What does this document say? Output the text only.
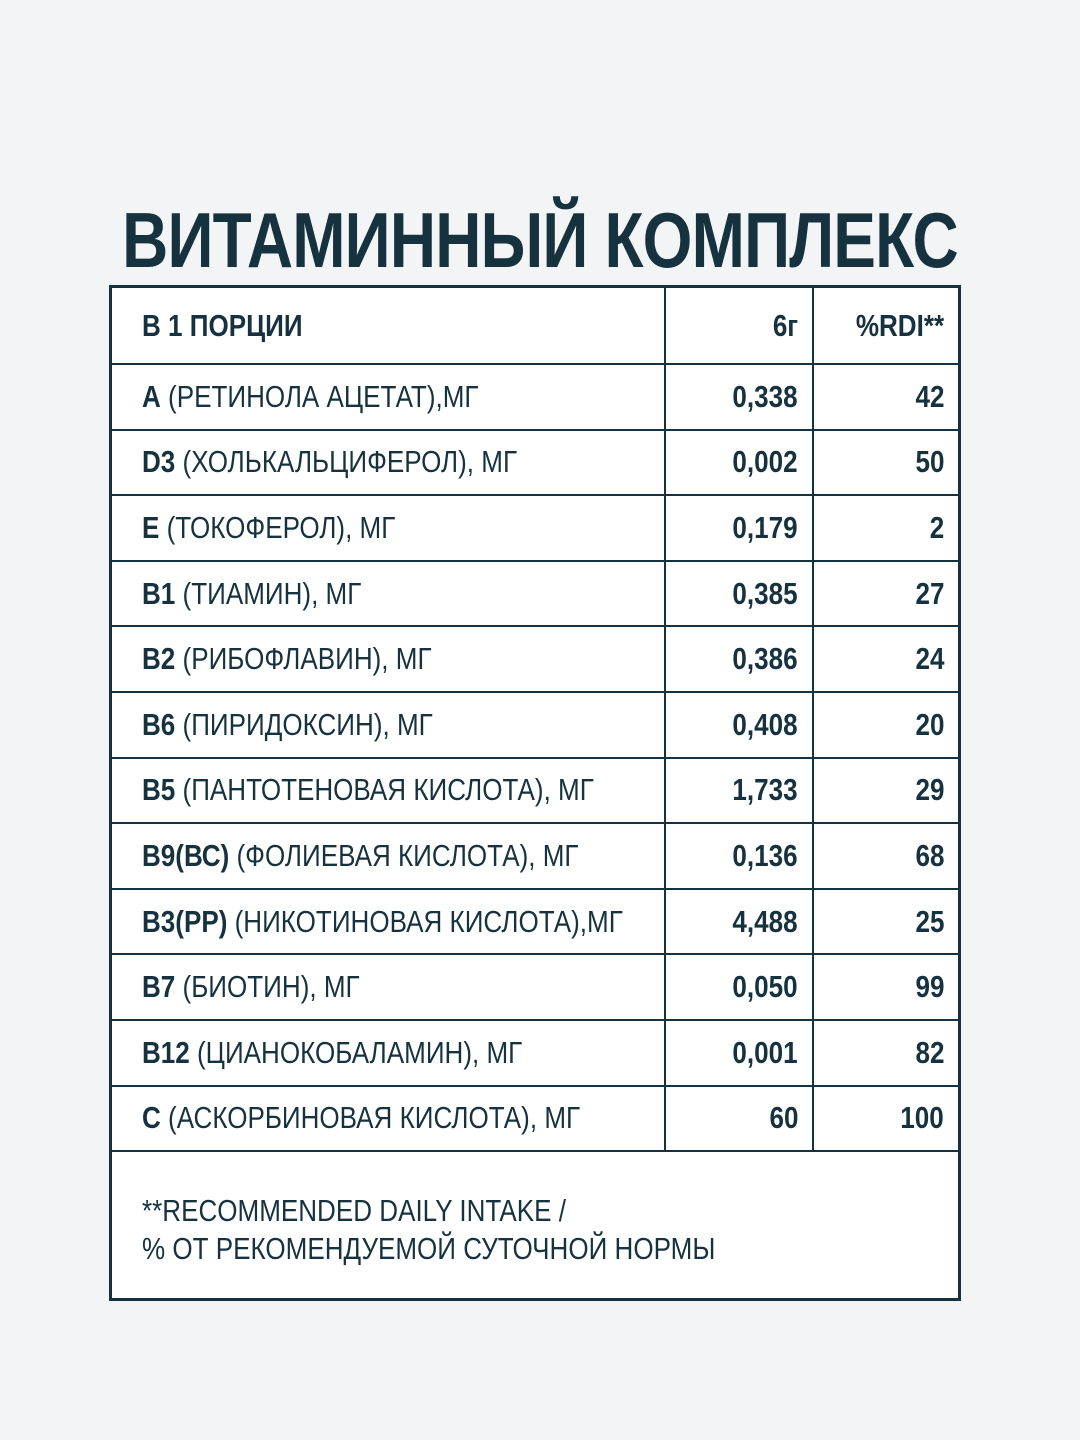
ВИТАМИННЫЙ КОМПЛЕКС
В 1 ПОРЦИИ	6г	%RDI**
А (РЕТИНОЛА АЦЕТАТ),МГ	0,338	42
D3 (ХОЛЬКАЛЬЦИФЕРОЛ), МГ	0,002	50
Е (ТОКОФЕРОЛ), МГ	0,179	2
В1 (ТИАМИН), МГ	0,385	27
В2 (РИБОФЛАВИН), МГ	0,386	24
В6 (ПИРИДОКСИН), МГ	0,408	20
В5 (ПАНТОТЕНОВАЯ КИСЛОТА), МГ	1,733	29
В9(ВС) (ФОЛИЕВАЯ КИСЛОТА), МГ	0,136	68
В3(РР) (НИКОТИНОВАЯ КИСЛОТА),МГ	4,488	25
В7 (БИОТИН), МГ	0,050	99
В12 (ЦИАНОКОБАЛАМИН), МГ	0,001	82
С (АСКОРБИНОВАЯ КИСЛОТА), МГ	60	100
**RECOMMENDED DAILY INTAKE /
% ОТ РЕКОМЕНДУЕМОЙ СУТОЧНОЙ НОРМЫ
